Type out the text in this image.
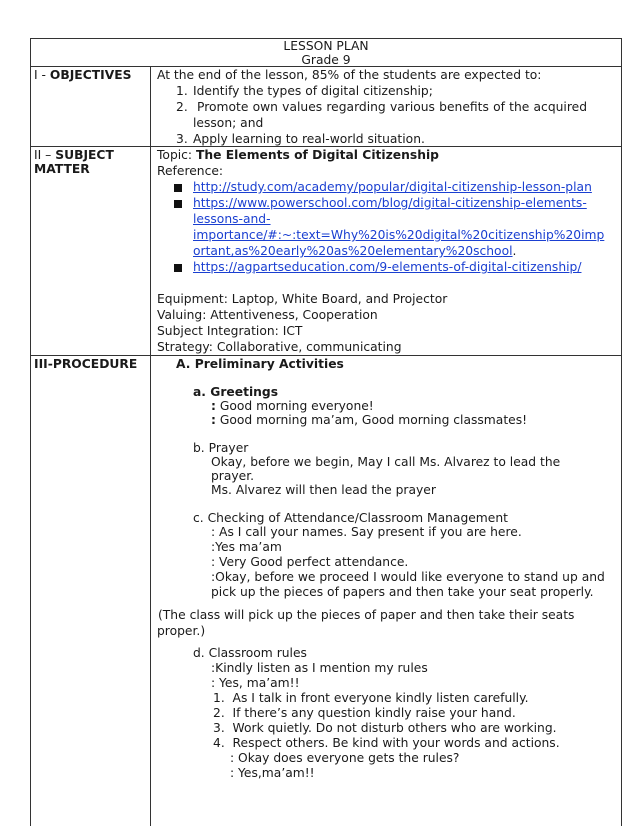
LESSON PLAN
Grade 9
I - OBJECTIVES At the end of the lesson, 85% of the students are expected to:
1. Identify the types of digital citizenship;
2. Promote own values regarding various benefits of the acquired
lesson; and
3. Apply learning to real-world situation.
II – SUBJECT
MATTER
Topic: The Elements of Digital Citizenship
Reference:
http://study.com/academy/popular/digital-citizenship-lesson-plan
https://www.powerschool.com/blog/digital-citizenship-elements-
lessons-and-
importance/#:~:text=Why%20is%20digital%20citizenship%20imp
ortant,as%20early%20as%20elementary%20school.
https://agpartseducation.com/9-elements-of-digital-citizenship/
Equipment: Laptop, White Board, and Projector
Valuing: Attentiveness, Cooperation
Subject Integration: ICT
Strategy: Collaborative, communicating
III-PROCEDURE	A. Preliminary Activities
a. Greetings
: Good morning everyone!
: Good morning ma’am, Good morning classmates!
b. Prayer
Okay, before we begin, May I call Ms. Alvarez to lead the
prayer.
Ms. Alvarez will then lead the prayer
c. Checking of Attendance/Classroom Management
: As I call your names. Say present if you are here.
:Yes ma’am
: Very Good perfect attendance.
:Okay, before we proceed I would like everyone to stand up and
pick up the pieces of papers and then take your seat properly.
(The class will pick up the pieces of paper and then take their seats
proper.)
d. Classroom rules
:Kindly listen as I mention my rules
: Yes, ma’am!!
1.  As I talk in front everyone kindly listen carefully.
2.  If there’s any question kindly raise your hand.
3.  Work quietly. Do not disturb others who are working.
4.  Respect others. Be kind with your words and actions.
: Okay does everyone gets the rules?
: Yes,ma’am!!
